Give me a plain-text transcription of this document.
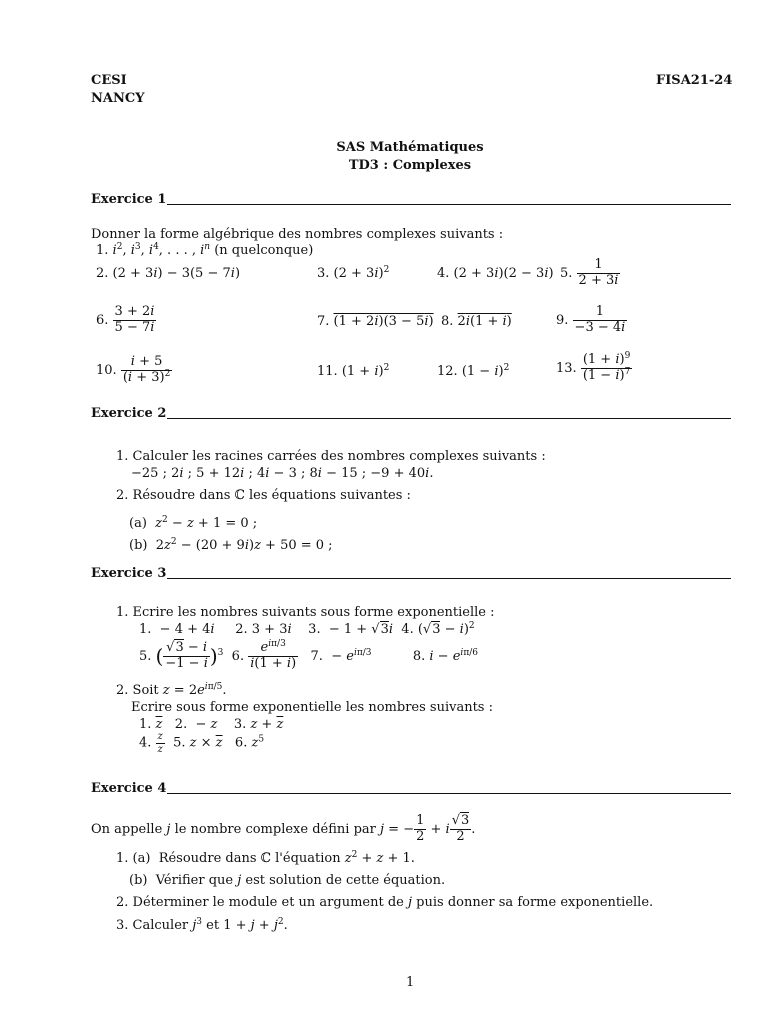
CESI
NANCY
FISA21-24
SAS Mathématiques
TD3 : Complexes
Exercice 1
Donner la forme algébrique des nombres complexes suivants :
1. $i^2$, $i^3$, $i^4$, . . . , $i^n$ (n quelconque)
2. (2 + 3i) − 3(5 − 7i)	3. $(2 + 3i)^2$	4. (2 + 3i)(2 − 3i) 5. $\frac{1}{2 + 3i}$
6. $\frac{3 + 2i}{5 - 7i}$	7. (1 + 2i)(3 − 5i) 8. 2i(1 + i)	9. $\frac{1}{-3 - 4i}$
10. $\frac{i + 5}{(i + 3)^2}$	11. $(1 + i)^2$	12. $(1 - i)^2$	13. $\frac{(1 + i)^9}{(1 - i)^7}$
Exercice 2
1. Calculer les racines carrées des nombres complexes suivants :
−25 ; 2i ; 5 + 12i ; 4i − 3 ; 8i − 15 ; −9 + 40i.
2. Résoudre dans ℂ les équations suivantes :
(a) $z^2 - z + 1 = 0$ ;
(b)  $2z^2 - (20 + 9i)z + 50 = 0$ ;
Exercice 3
1. Ecrire les nombres suivants sous forme exponentielle :
1.  − 4 + 4i     2. 3 + 3i    3.  − 1 + √3i  4. $(√3 - i)^2$
5. ( $\frac{√3 - i}{-1 - i} )^3$  6.
$e^{i\pi/3}$
i(1 + i) 7.  − $e^{i\pi/3}$          8. $i - e^{i\pi/6}$
2. Soit $z = 2e^{i\pi/5}$.
Ecrire sous forme exponentielle les nombres suivants :
1. $\overline{z}$   2.  − z    3. $z + \overline{z}$
4. $\frac{z}{z} 5$. $z \times \overline{z}$   6. $z^5$
Exercice 4
On appelle j le nombre complexe défini par j = − $\frac{1}{2} + i \frac{√3}{2}$ .
1. (a)  Résoudre dans ℂ l'équation $z^2 + z + 1$.
(b)  Vérifier que j est solution de cette équation.
2. Déterminer le module et un argument de j puis donner sa forme exponentielle.
3. Calculer $j^3$ et $1 + j + j^2$.
1
